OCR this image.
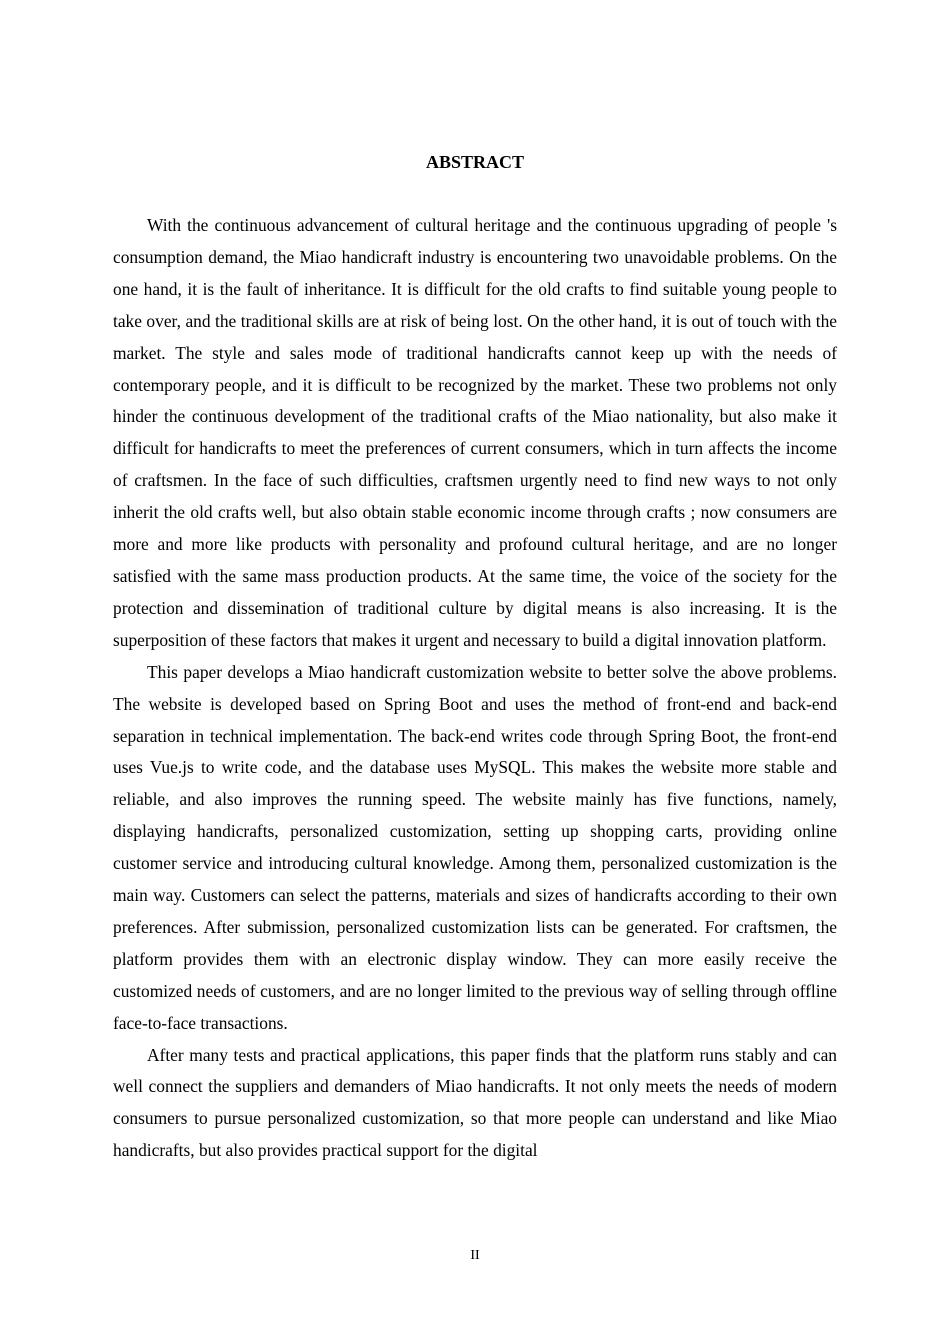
ABSTRACT

With the continuous advancement of cultural heritage and the continuous upgrading of people 's consumption demand, the Miao handicraft industry is encountering two unavoidable problems. On the one hand, it is the fault of inheritance. It is difficult for the old crafts to find suitable young people to take over, and the traditional skills are at risk of being lost. On the other hand, it is out of touch with the market. The style and sales mode of traditional handicrafts cannot keep up with the needs of contemporary people, and it is difficult to be recognized by the market. These two problems not only hinder the continuous development of the traditional crafts of the Miao nationality, but also make it difficult for handicrafts to meet the preferences of current consumers, which in turn affects the income of craftsmen. In the face of such difficulties, craftsmen urgently need to find new ways to not only inherit the old crafts well, but also obtain stable economic income through crafts ; now consumers are more and more like products with personality and profound cultural heritage, and are no longer satisfied with the same mass production products. At the same time, the voice of the society for the protection and dissemination of traditional culture by digital means is also increasing. It is the superposition of these factors that makes it urgent and necessary to build a digital innovation platform.

This paper develops a Miao handicraft customization website to better solve the above problems. The website is developed based on Spring Boot and uses the method of front-end and back-end separation in technical implementation. The back-end writes code through Spring Boot, the front-end uses Vue.js to write code, and the database uses MySQL. This makes the website more stable and reliable, and also improves the running speed. The website mainly has five functions, namely, displaying handicrafts, personalized customization, setting up shopping carts, providing online customer service and introducing cultural knowledge. Among them, personalized customization is the main way. Customers can select the patterns, materials and sizes of handicrafts according to their own preferences. After submission, personalized customization lists can be generated. For craftsmen, the platform provides them with an electronic display window. They can more easily receive the customized needs of customers, and are no longer limited to the previous way of selling through offline face-to-face transactions.

After many tests and practical applications, this paper finds that the platform runs stably and can well connect the suppliers and demanders of Miao handicrafts. It not only meets the needs of modern consumers to pursue personalized customization, so that more people can understand and like Miao handicrafts, but also provides practical support for the digital

II
